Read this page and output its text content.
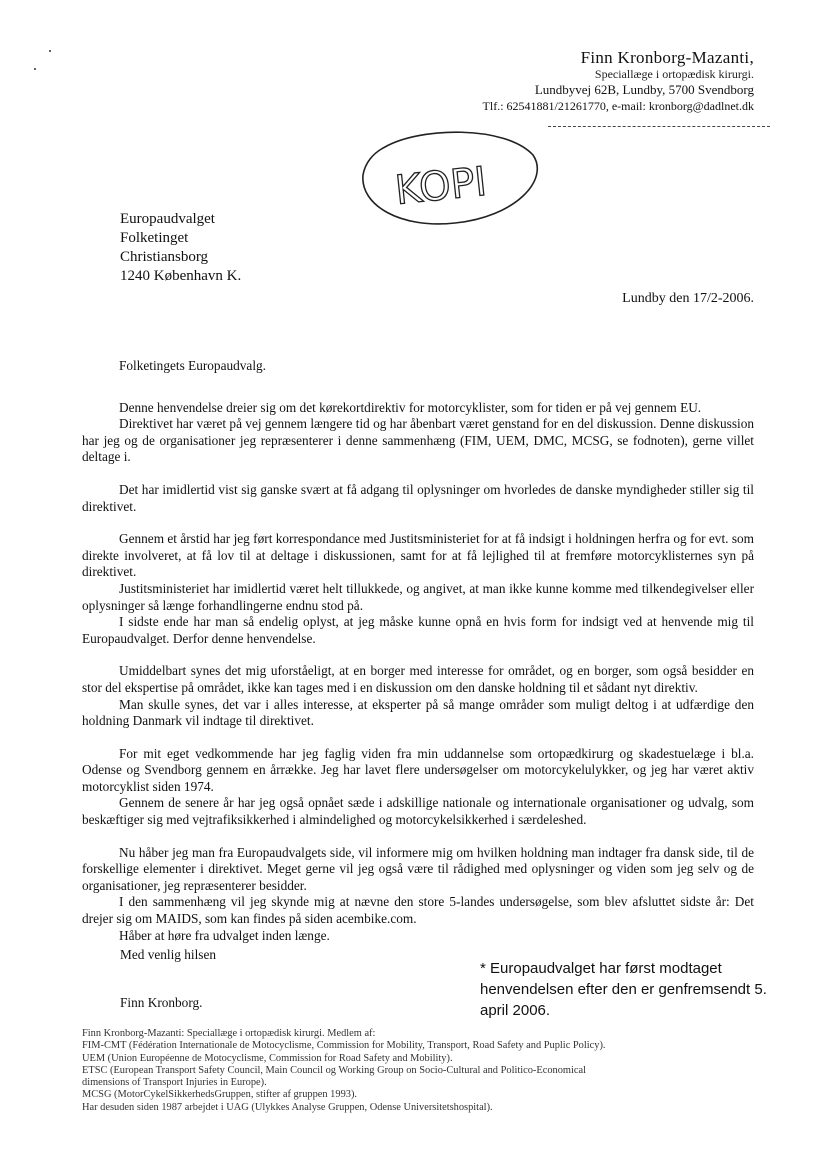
Finn Kronborg-Mazanti,
Speciallæge i ortopædisk kirurgi.
Lundbyvej 62B, Lundby, 5700 Svendborg
Tlf.: 62541881/21261770, e-mail: kronborg@dadlnet.dk
KOPI
Europaudvalget
Folketinget
Christiansborg
1240 København K.
Lundby den 17/2-2006.

Folketingets Europaudvalg.

Denne henvendelse dreier sig om det kørekortdirektiv for motorcyklister, som for tiden er på vej gennem EU.

Direktivet har været på vej gennem længere tid og har åbenbart været genstand for en del diskussion. Denne diskussion har jeg og de organisationer jeg repræsenterer i denne sammenhæng (FIM, UEM, DMC, MCSG, se fodnoten), gerne villet deltage i.

Det har imidlertid vist sig ganske svært at få adgang til oplysninger om hvorledes de danske myndigheder stiller sig til direktivet.

Gennem et årstid har jeg ført korrespondance med Justitsministeriet for at få indsigt i holdningen herfra og for evt. som direkte involveret, at få lov til at deltage i diskussionen, samt for at få lejlighed til at fremføre motorcyklisternes syn på direktivet.

Justitsministeriet har imidlertid været helt tillukkede, og angivet, at man ikke kunne komme med tilkendegivelser eller oplysninger så længe forhandlingerne endnu stod på.

I sidste ende har man så endelig oplyst, at jeg måske kunne opnå en hvis form for indsigt ved at henvende mig til Europaudvalget. Derfor denne henvendelse.

Umiddelbart synes det mig uforståeligt, at en borger med interesse for området, og en borger, som også besidder en stor del ekspertise på området, ikke kan tages med i en diskussion om den danske holdning til et sådant nyt direktiv.

Man skulle synes, det var i alles interesse, at eksperter på så mange områder som muligt deltog i at udfærdige den holdning Danmark vil indtage til direktivet.

For mit eget vedkommende har jeg faglig viden fra min uddannelse som ortopædkirurg og skadestuelæge i bl.a. Odense og Svendborg gennem en årrække. Jeg har lavet flere undersøgelser om motorcykelulykker, og jeg har været aktiv motorcyklist siden 1974.

Gennem de senere år har jeg også opnået sæde i adskillige nationale og internationale organisationer og udvalg, som beskæftiger sig med vejtrafiksikkerhed i almindelighed og motorcykelsikkerhed i særdeleshed.

Nu håber jeg man fra Europaudvalgets side, vil informere mig om hvilken holdning man indtager fra dansk side, til de forskellige elementer i direktivet. Meget gerne vil jeg også være til rådighed med oplysninger og viden som jeg selv og de organisationer, jeg repræsenterer besidder.

I den sammenhæng vil jeg skynde mig at nævne den store 5-landes undersøgelse, som blev afsluttet sidste år: Det drejer sig om MAIDS, som kan findes på siden acembike.com.

Håber at høre fra udvalget inden længe.

Med venlig hilsen
Finn Kronborg.
* Europaudvalget har først modtaget henvendelsen efter den er genfremsendt 5. april 2006.
Finn Kronborg-Mazanti: Speciallæge i ortopædisk kirurgi. Medlem af:
FIM-CMT (Fédération Internationale de Motocyclisme, Commission for Mobility, Transport, Road Safety and Puplic Policy).
UEM (Union Européenne de Motocyclisme, Commission for Road Safety and Mobility).
ETSC (European Transport Safety Council, Main Council og Working Group on Socio-Cultural and Politico-Economical
dimensions of Transport Injuries in Europe).
MCSG (MotorCykelSikkerhedsGruppen, stifter af gruppen 1993).
Har desuden siden 1987 arbejdet i UAG (Ulykkes Analyse Gruppen, Odense Universitetshospital).
